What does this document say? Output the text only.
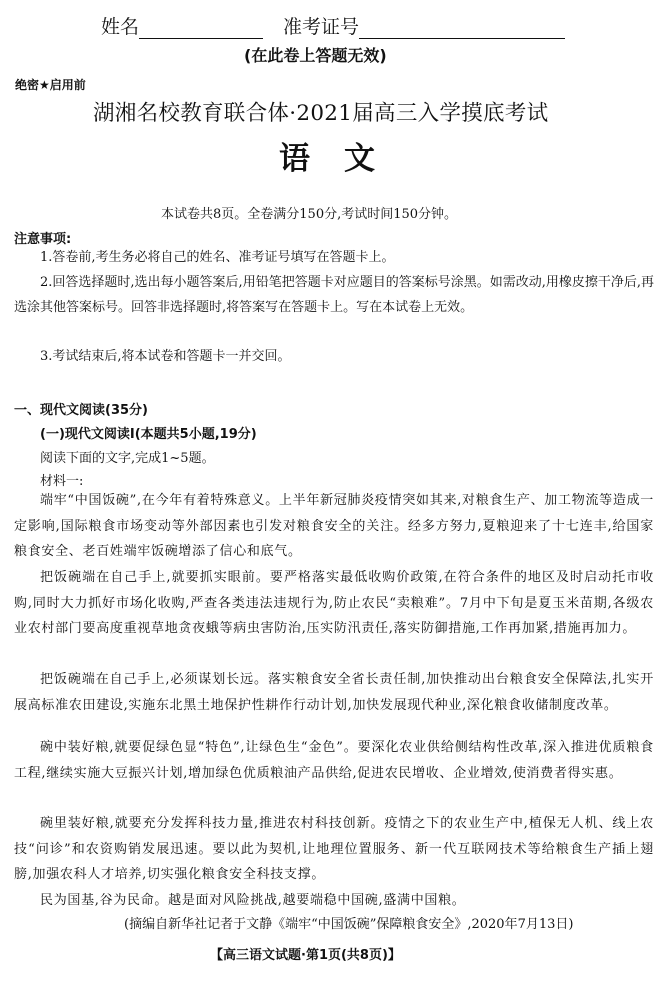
姓名	准考证号
(在此卷上答题无效)
绝密★启用前
湖湘名校教育联合体·2021届高三入学摸底考试
语文
本试卷共8页。全卷满分150分,考试时间150分钟。
注意事项:
1.答卷前,考生务必将自己的姓名、准考证号填写在答题卡上。
2.回答选择题时,选出每小题答案后,用铅笔把答题卡对应题目的答案标号涂黑。如需改动,用橡皮擦干净后,再选涂其他答案标号。回答非选择题时,将答案写在答题卡上。写在本试卷上无效。
3.考试结束后,将本试卷和答题卡一并交回。
一、现代文阅读(35分)
(一)现代文阅读Ⅰ(本题共5小题,19分)
阅读下面的文字,完成1~5题。
材料一:
端牢“中国饭碗”,在今年有着特殊意义。上半年新冠肺炎疫情突如其来,对粮食生产、加工物流等造成一定影响,国际粮食市场变动等外部因素也引发对粮食安全的关注。经多方努力,夏粮迎来了十七连丰,给国家粮食安全、老百姓端牢饭碗增添了信心和底气。
把饭碗端在自己手上,就要抓实眼前。要严格落实最低收购价政策,在符合条件的地区及时启动托市收购,同时大力抓好市场化收购,严查各类违法违规行为,防止农民“卖粮难”。7月中下旬是夏玉米苗期,各级农业农村部门要高度重视草地贪夜蛾等病虫害防治,压实防汛责任,落实防御措施,工作再加紧,措施再加力。
把饭碗端在自己手上,必须谋划长远。落实粮食安全省长责任制,加快推动出台粮食安全保障法,扎实开展高标准农田建设,实施东北黑土地保护性耕作行动计划,加快发展现代种业,深化粮食收储制度改革。
碗中装好粮,就要促绿色显“特色”,让绿色生“金色”。要深化农业供给侧结构性改革,深入推进优质粮食工程,继续实施大豆振兴计划,增加绿色优质粮油产品供给,促进农民增收、企业增效,使消费者得实惠。
碗里装好粮,就要充分发挥科技力量,推进农村科技创新。疫情之下的农业生产中,植保无人机、线上农技“问诊”和农资购销发展迅速。要以此为契机,让地理位置服务、新一代互联网技术等给粮食生产插上翅膀,加强农科人才培养,切实强化粮食安全科技支撑。
民为国基,谷为民命。越是面对风险挑战,越要端稳中国碗,盛满中国粮。
(摘编自新华社记者于文静《端牢“中国饭碗”保障粮食安全》,2020年7月13日)
【高三语文试题·第1页(共8页)】
